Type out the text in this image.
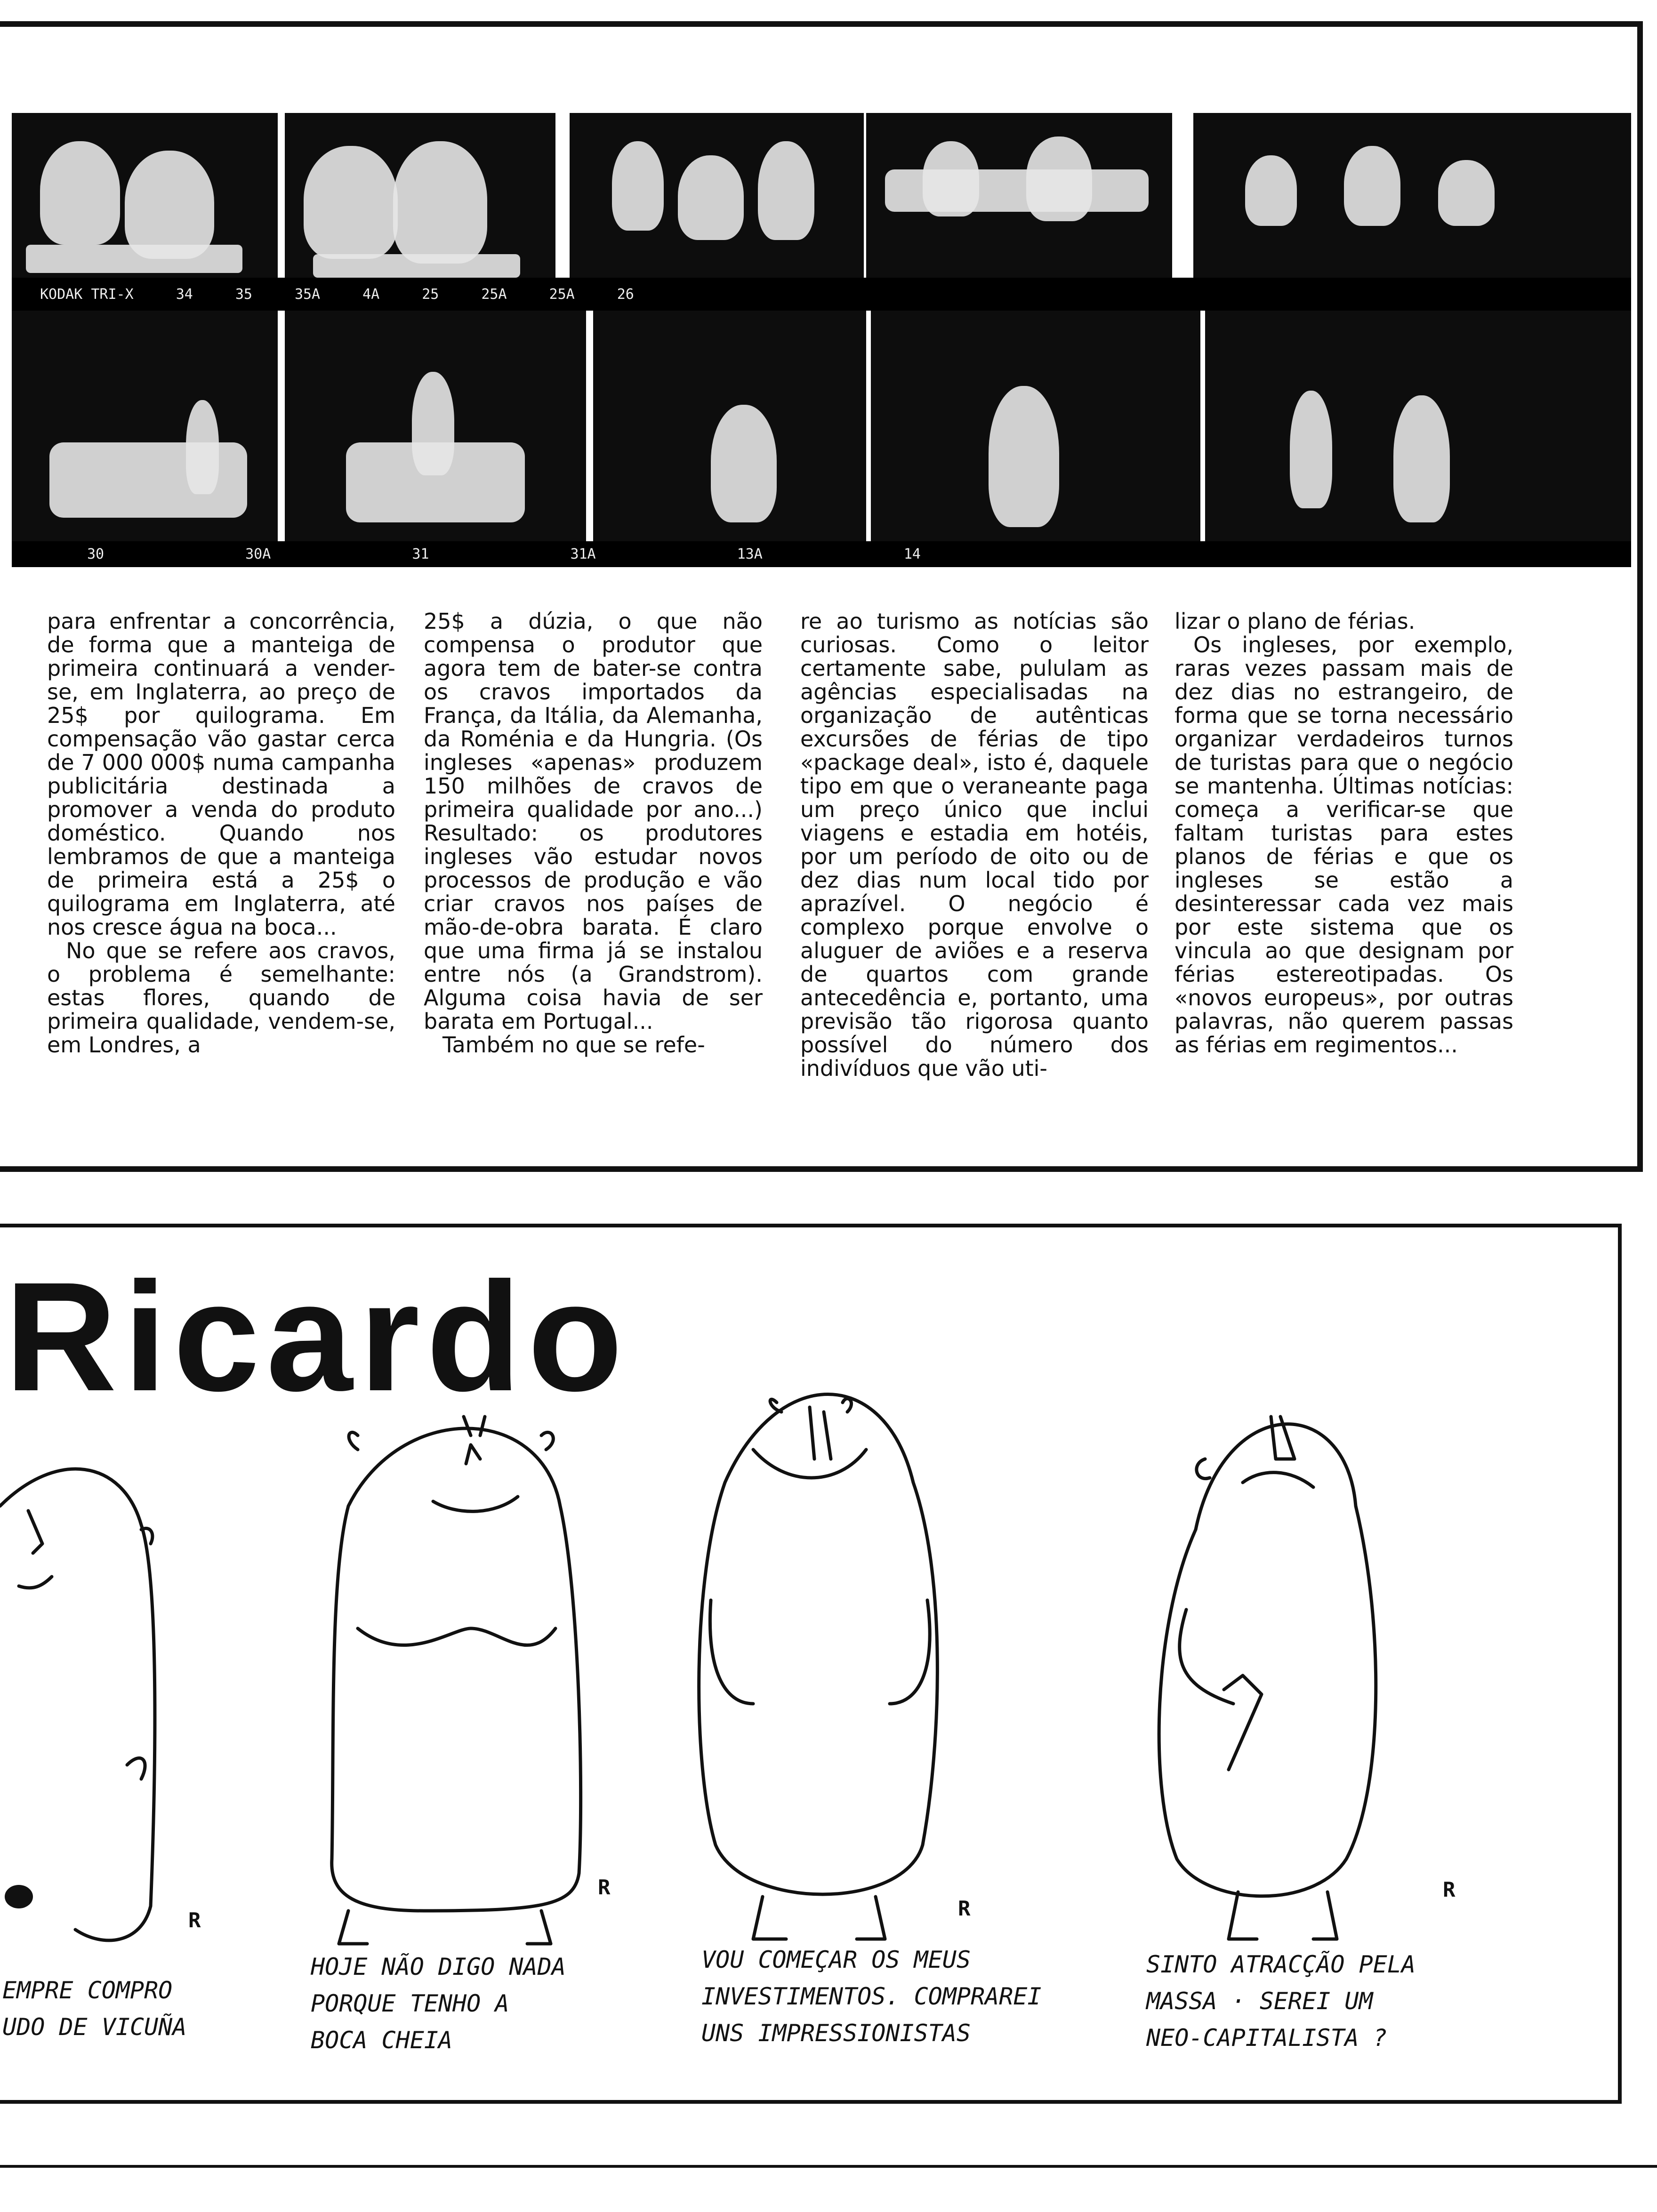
KODAK TRI-X	34	35	35A	4A	25	25A	25A	26
30	30A	31	31A	13A	14

para enfrentar a concorrência, de forma que a manteiga de primeira continuará a vender-se, em Inglaterra, ao preço de 25$ por quilograma. Em compensação vão gastar cerca de 7 000 000$ numa campanha publicitária destinada a promover a venda do produto doméstico. Quando nos lembramos de que a manteiga de primeira está a 25$ o quilograma em Inglaterra, até nos cresce água na boca...

No que se refere aos cravos, o problema é semelhante: estas flores, quando de primeira qualidade, vendem-se, em Londres, a

25$ a dúzia, o que não compensa o produtor que agora tem de bater-se contra os cravos importados da França, da Itália, da Alemanha, da Roménia e da Hungria. (Os ingleses «apenas» produzem 150 milhões de cravos de primeira qualidade por ano...) Resultado: os produtores ingleses vão estudar novos processos de produção e vão criar cravos nos países de mão-de-obra barata. É claro que uma firma já se instalou entre nós (a Grandstrom). Alguma coisa havia de ser barata em Portugal...

Também no que se refe-

re ao turismo as notícias são curiosas. Como o leitor certamente sabe, pululam as agências especialisadas na organização de autênticas excursões de férias de tipo «package deal», isto é, daquele tipo em que o veraneante paga um preço único que inclui viagens e estadia em hotéis, por um período de oito ou de dez dias num local tido por aprazível. O negócio é complexo porque envolve o aluguer de aviões e a reserva de quartos com grande antecedência e, portanto, uma previsão tão rigorosa quanto possível do número dos indivíduos que vão uti-

lizar o plano de férias.

Os ingleses, por exemplo, raras vezes passam mais de dez dias no estrangeiro, de forma que se torna necessário organizar verdadeiros turnos de turistas para que o negócio se mantenha. Últimas notícias: começa a verificar-se que faltam turistas para estes planos de férias e que os ingleses se estão a desinteressar cada vez mais por este sistema que os vincula ao que designam por férias estereotipadas. Os «novos europeus», por outras palavras, não querem passas as férias em regimentos...

Ricardo
R
R
R
R
EMPRE COMPRO
UDO DE VICUÑA
HOJE NÃO DIGO NADA
PORQUE TENHO A
BOCA CHEIA
VOU COMEÇAR OS MEUS
INVESTIMENTOS. COMPRAREI
UNS IMPRESSIONISTAS
SINTO ATRACÇÃO PELA
MASSA · SEREI UM
NEO-CAPITALISTA ?
